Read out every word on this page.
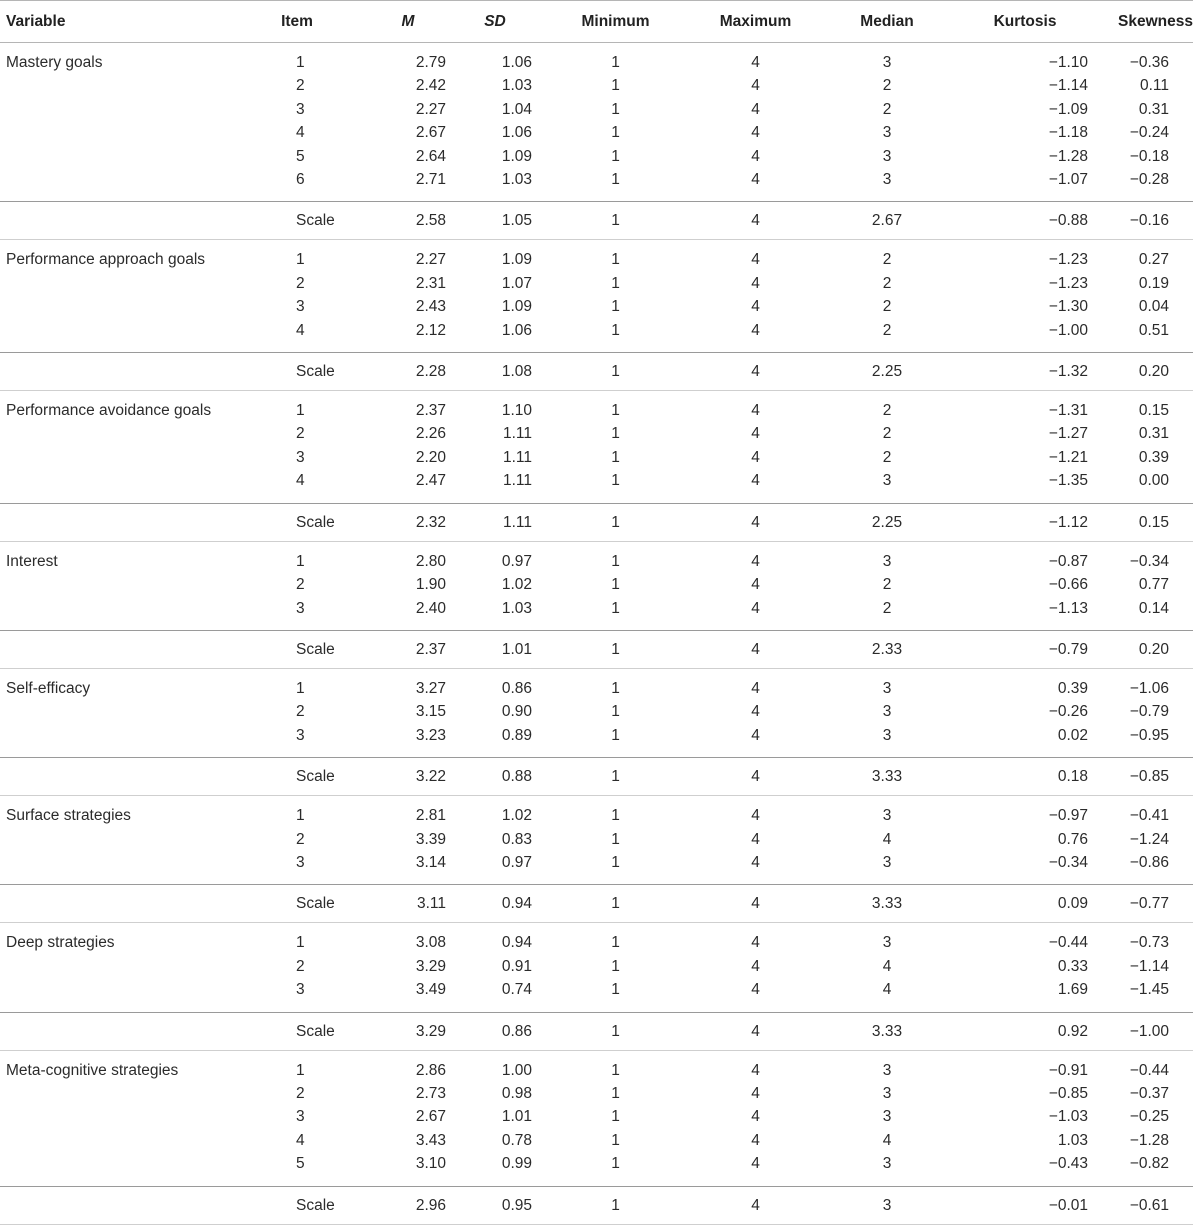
Variable	Item	M	SD	Minimum	Maximum	Median	Kurtosis	Skewness
Mastery goals	1	2.79	1.06	1	4	3	−1.10	−0.36
	2	2.42	1.03	1	4	2	−1.14	0.11
	3	2.27	1.04	1	4	2	−1.09	0.31
	4	2.67	1.06	1	4	3	−1.18	−0.24
	5	2.64	1.09	1	4	3	−1.28	−0.18
	6	2.71	1.03	1	4	3	−1.07	−0.28

	Scale	2.58	1.05	1	4	2.67	−0.88	−0.16
Performance approach goals	1	2.27	1.09	1	4	2	−1.23	0.27
	2	2.31	1.07	1	4	2	−1.23	0.19
	3	2.43	1.09	1	4	2	−1.30	0.04
	4	2.12	1.06	1	4	2	−1.00	0.51

	Scale	2.28	1.08	1	4	2.25	−1.32	0.20
Performance avoidance goals	1	2.37	1.10	1	4	2	−1.31	0.15
	2	2.26	1.11	1	4	2	−1.27	0.31
	3	2.20	1.11	1	4	2	−1.21	0.39
	4	2.47	1.11	1	4	3	−1.35	0.00

	Scale	2.32	1.11	1	4	2.25	−1.12	0.15
Interest	1	2.80	0.97	1	4	3	−0.87	−0.34
	2	1.90	1.02	1	4	2	−0.66	0.77
	3	2.40	1.03	1	4	2	−1.13	0.14

	Scale	2.37	1.01	1	4	2.33	−0.79	0.20
Self-efficacy	1	3.27	0.86	1	4	3	0.39	−1.06
	2	3.15	0.90	1	4	3	−0.26	−0.79
	3	3.23	0.89	1	4	3	0.02	−0.95

	Scale	3.22	0.88	1	4	3.33	0.18	−0.85
Surface strategies	1	2.81	1.02	1	4	3	−0.97	−0.41
	2	3.39	0.83	1	4	4	0.76	−1.24
	3	3.14	0.97	1	4	3	−0.34	−0.86

	Scale	3.11	0.94	1	4	3.33	0.09	−0.77
Deep strategies	1	3.08	0.94	1	4	3	−0.44	−0.73
	2	3.29	0.91	1	4	4	0.33	−1.14
	3	3.49	0.74	1	4	4	1.69	−1.45

	Scale	3.29	0.86	1	4	3.33	0.92	−1.00
Meta-cognitive strategies	1	2.86	1.00	1	4	3	−0.91	−0.44
	2	2.73	0.98	1	4	3	−0.85	−0.37
	3	2.67	1.01	1	4	3	−1.03	−0.25
	4	3.43	0.78	1	4	4	1.03	−1.28
	5	3.10	0.99	1	4	3	−0.43	−0.82

	Scale	2.96	0.95	1	4	3	−0.01	−0.61
